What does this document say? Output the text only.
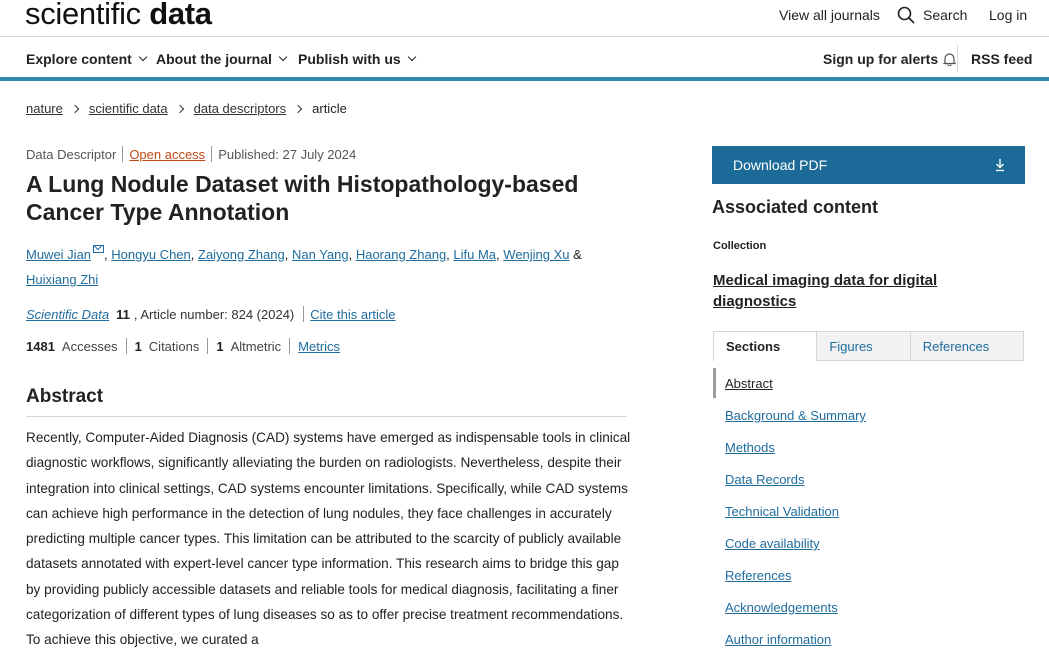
scientific data	View all journals	Search Log in
Explore content About the journal Publish with us	Sign up for alerts RSS feed
nature scientific data data descriptors article
Data Descriptor Open access Published: 27 July 2024
A Lung Nodule Dataset with Histopathology-based Cancer Type Annotation
Muwei Jian , Hongyu Chen, Zaiyong Zhang, Nan Yang, Haorang Zhang, Lifu Ma, Wenjing Xu & Huixiang Zhi
Scientific Data 11 , Article number: 824 (2024) Cite this article
1481 Accesses 1 Citations 1 Altmetric Metrics
Abstract

Recently, Computer-Aided Diagnosis (CAD) systems have emerged as indispensable tools in clinical diagnostic workflows, significantly alleviating the burden on radiologists. Nevertheless, despite their integration into clinical settings, CAD systems encounter limitations. Specifically, while CAD systems can achieve high performance in the detection of lung nodules, they face challenges in accurately predicting multiple cancer types. This limitation can be attributed to the scarcity of publicly available datasets annotated with expert-level cancer type information. This research aims to bridge this gap by providing publicly accessible datasets and reliable tools for medical diagnosis, facilitating a finer categorization of different types of lung diseases so as to offer precise treatment recommendations. To achieve this objective, we curated a

Download PDF
Associated content
Collection
Medical imaging data for digital diagnostics
Sections	Figures	References
Abstract
Background & Summary
Methods
Data Records
Technical Validation
Code availability
References
Acknowledgements
Author information
